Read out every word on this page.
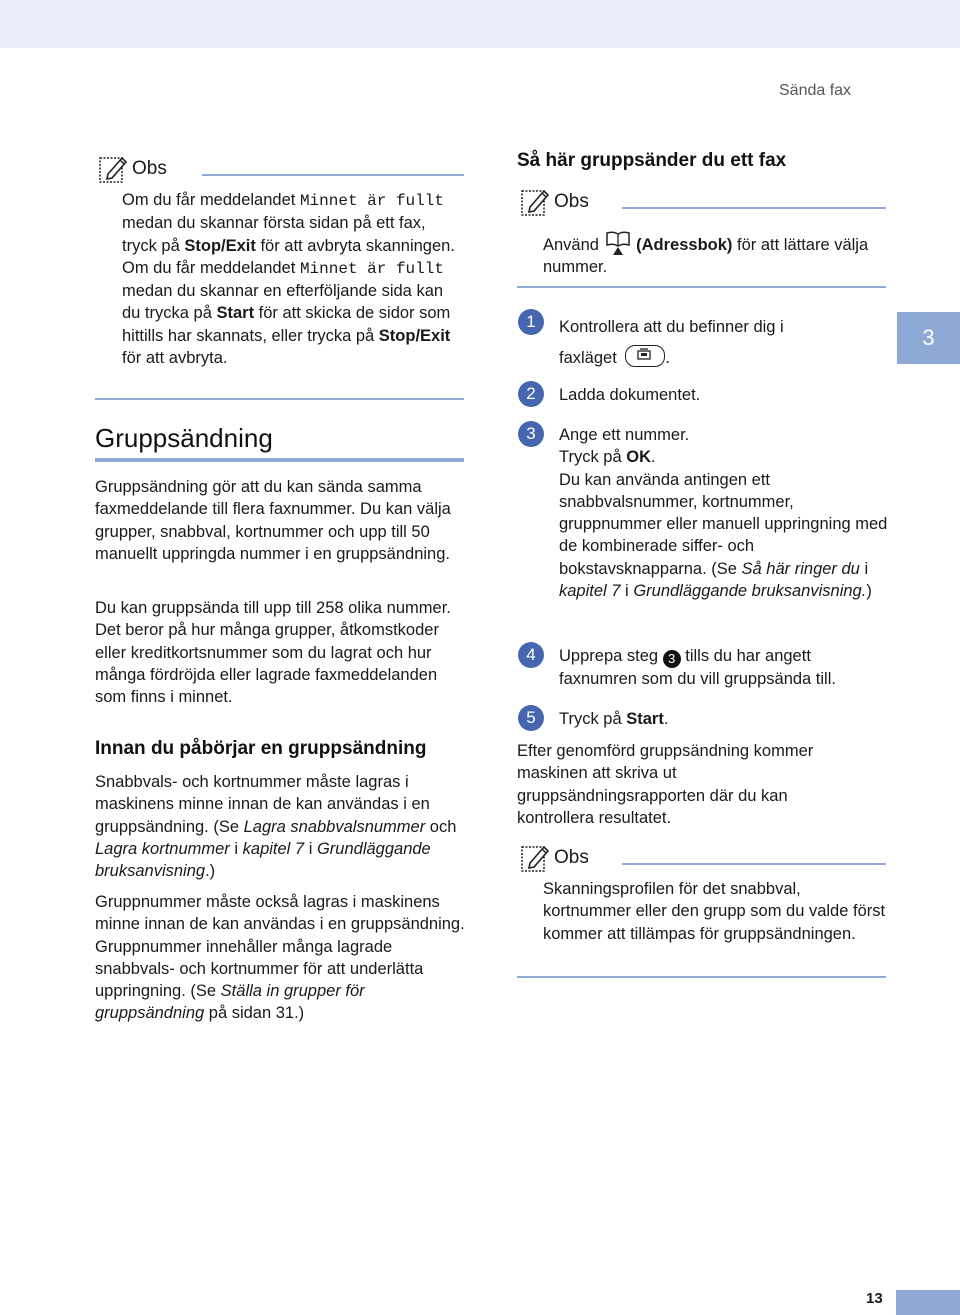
Sända fax
Obs

Om du får meddelandet Minnet är fullt medan du skannar första sidan på ett fax, tryck på Stop/Exit för att avbryta skanningen. Om du får meddelandet Minnet är fullt medan du skannar en efterföljande sida kan du trycka på Start för att skicka de sidor som hittills har skannats, eller trycka på Stop/Exit för att avbryta.

Gruppsändning

Gruppsändning gör att du kan sända samma faxmeddelande till flera faxnummer. Du kan välja grupper, snabbval, kortnummer och upp till 50 manuellt uppringda nummer i en gruppsändning.

Du kan gruppsända till upp till 258 olika nummer. Det beror på hur många grupper, åtkomstkoder eller kreditkortsnummer som du lagrat och hur många fördröjda eller lagrade faxmeddelanden som finns i minnet.

Innan du påbörjar en gruppsändning

Snabbvals- och kortnummer måste lagras i maskinens minne innan de kan användas i en gruppsändning. (Se Lagra snabbvalsnummer och Lagra kortnummer i kapitel 7 i Grundläggande bruksanvisning.)

Gruppnummer måste också lagras i maskinens minne innan de kan användas i en gruppsändning. Gruppnummer innehåller många lagrade snabbvals- och kortnummer för att underlätta uppringning. (Se Ställa in grupper för gruppsändning på sidan 31.)

Så här gruppsänder du ett fax
Obs

Använd  (Adressbok) för att lättare välja nummer.

1	Kontrollera att du befinner dig i faxläget	.

2	Ladda dokumentet.

3	Ange ett nummer.

Tryck på OK.

Du kan använda antingen ett snabbvalsnummer, kortnummer, gruppnummer eller manuell uppringning med de kombinerade siffer- och bokstavsknapparna. (Se Så här ringer du i kapitel 7 i Grundläggande bruksanvisning.)

4	Upprepa steg 3 tills du har angett faxnumren som du vill gruppsända till.

5	Tryck på Start.

Efter genomförd gruppsändning kommer maskinen att skriva ut gruppsändningsrapporten där du kan kontrollera resultatet.

Obs

Skanningsprofilen för det snabbval, kortnummer eller den grupp som du valde först kommer att tillämpas för gruppsändningen.

3
13
